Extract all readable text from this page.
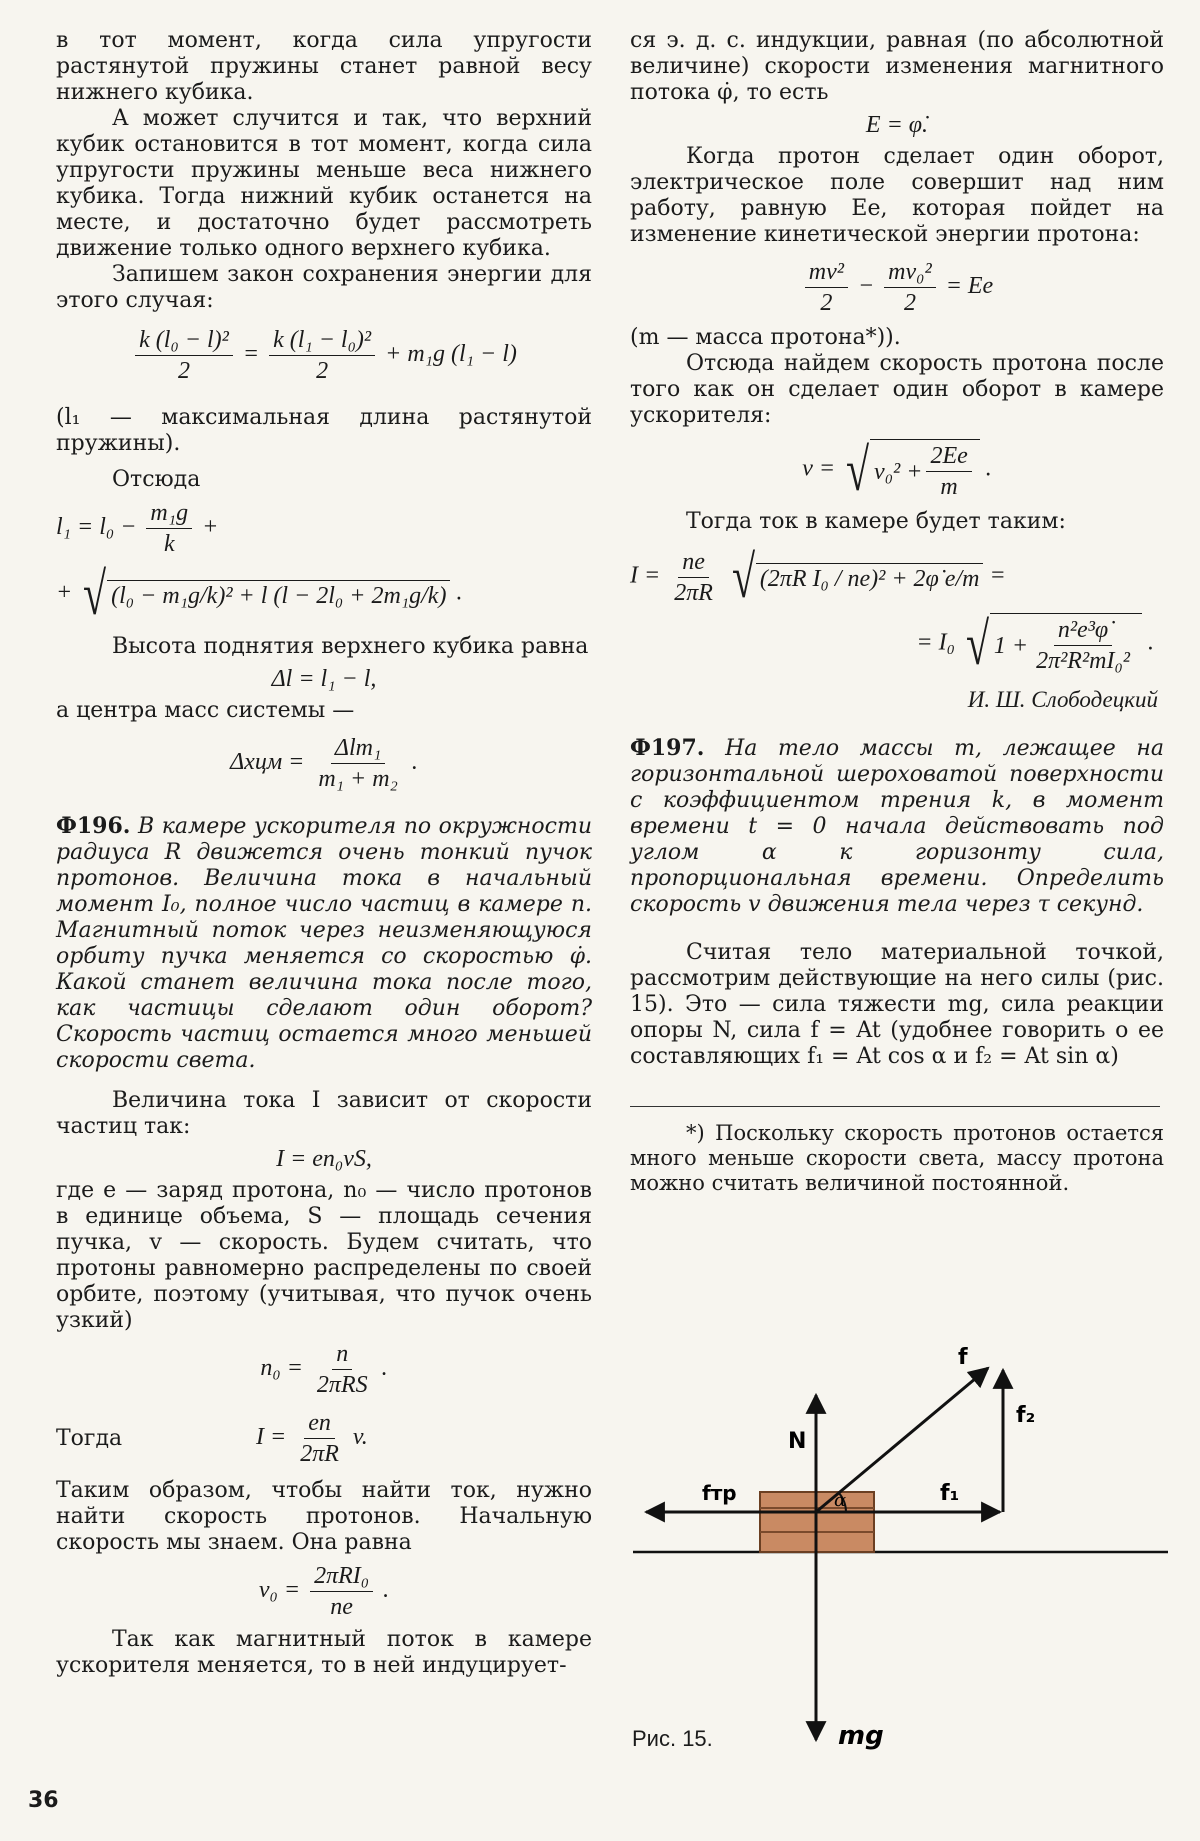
в тот момент, когда сила упругости растянутой пружины станет равной весу нижнего кубика.

А может случится и так, что верхний кубик остановится в тот момент, когда сила упругости пружины меньше веса нижнего кубика. Тогда нижний кубик останется на месте, и достаточно будет рассмотреть движение только одного верхнего кубика.

Запишем закон сохранения энергии для этого случая:

$\frac{\text{k (l₀ − l)²}}{2} = \frac{\text{k (l₁ − l₀)²}}{2} + m_1g$ (l₁ − l)

(l₁ — максимальная длина растянутой пружины).

Отсюда

$l_1 = l_0 - \frac{\text{m₁g}}{k}$ +
+ √ (l₀ − m₁g/k)² + l (l − 2l₀ + 2m₁g/k) .

Высота поднятия верхнего кубика равна

Δl = l₁ − l,

а центра масс системы —

$\Delta xцм = \frac{\text{Δlm₁}}{\text{m₁ + m₂}}$ .

Ф196. В камере ускорителя по окружности радиуса R движется очень тонкий пучок протонов. Величина тока в начальный момент I₀, полное число частиц в камере n. Магнитный поток через неизменяющуюся орбиту пучка меняется со скоростью φ̇. Какой станет величина тока после того, как частицы сделают один оборот? Скорость частиц остается много меньшей скорости света.

Величина тока I зависит от скорости частиц так:

I = en₀vS,

где e — заряд протона, n₀ — число протонов в единице объема, S — площадь сечения пучка, v — скорость. Будем считать, что протоны равномерно распределены по своей орбите, поэтому (учитывая, что пучок очень узкий)

$n_0 = \frac{n}{\text{2πRS}}$ .
Тогда	$I = \frac{en}{2\pi R} v$.

Таким образом, чтобы найти ток, нужно найти скорость протонов. Начальную скорость мы знаем. Она равна

$v_0 = \frac{\text{2πRI₀}}{ne}$ .

Так как магнитный поток в камере ускорителя меняется, то в ней индуцирует-

ся э. д. с. индукции, равная (по абсолютной величине) скорости изменения магнитного потока φ̇, то есть

E = φ̇.

Когда протон сделает один оборот, электрическое поле совершит над ним работу, равную Ee, которая пойдет на изменение кинетической энергии протона:

$\frac{\text{mv²}}{2} - \frac{\text{mv₀²}}{2} = Ee$

(m — масса протона*)).

Отсюда найдем скорость протона после того как он сделает один оборот в камере ускорителя:

v = √ $v_0^2 + \frac{2Ee}{m}$ .

Тогда ток в камере будет таким:

$I = \frac{ne}{2\pi R}$
√ (2πR I₀ / ne)² + 2φ̇ e/m =
= I₀ √ $1 + \frac{\text{n²e³φ̇}}{\text{2π²R²mI₀²}}$ .
И. Ш. Слободецкий

Ф197. На тело массы m, лежащее на горизонтальной шероховатой поверхности с коэффициентом трения k, в момент времени t = 0 начала действовать под углом α к горизонту сила, пропорциональная времени. Определить скорость v движения тела через τ секунд.

Считая тело материальной точкой, рассмотрим действующие на него силы (рис. 15). Это — сила тяжести mg, сила реакции опоры N, сила f = At (удобнее говорить о ее составляющих f₁ = At cos α и f₂ = At sin α)

*) Поскольку скорость протонов остается много меньше скорости света, массу протона можно считать величиной постоянной.

f
f₂
N
fтр	f₁
α
mg
Рис. 15.
36
